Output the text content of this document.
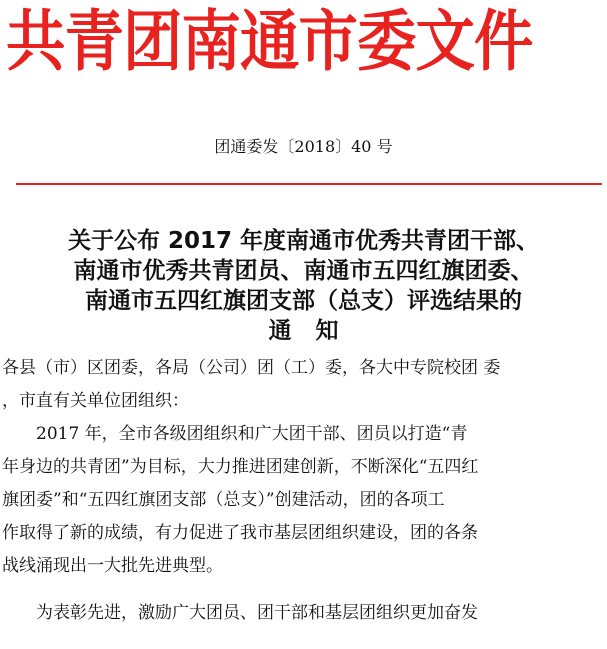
共青团南通市委文件
团通委发〔2018〕40 号
关于公布 2017 年度南通市优秀共青团干部、
南通市优秀共青团员、南通市五四红旗团委、
南通市五四红旗团支部（总支）评选结果的
通知

各县（市）区团委，各局（公司）团（工）委，各大中专院校团 委

，市直有关单位团组织：

2017 年，全市各级团组织和广大团干部、团员以打造“青

年身边的共青团”为目标，大力推进团建创新，不断深化“五四红

旗团委”和“五四红旗团支部（总支）”创建活动，团的各项工

作取得了新的成绩，有力促进了我市基层团组织建设，团的各条

战线涌现出一大批先进典型。

为表彰先进，激励广大团员、团干部和基层团组织更加奋发
